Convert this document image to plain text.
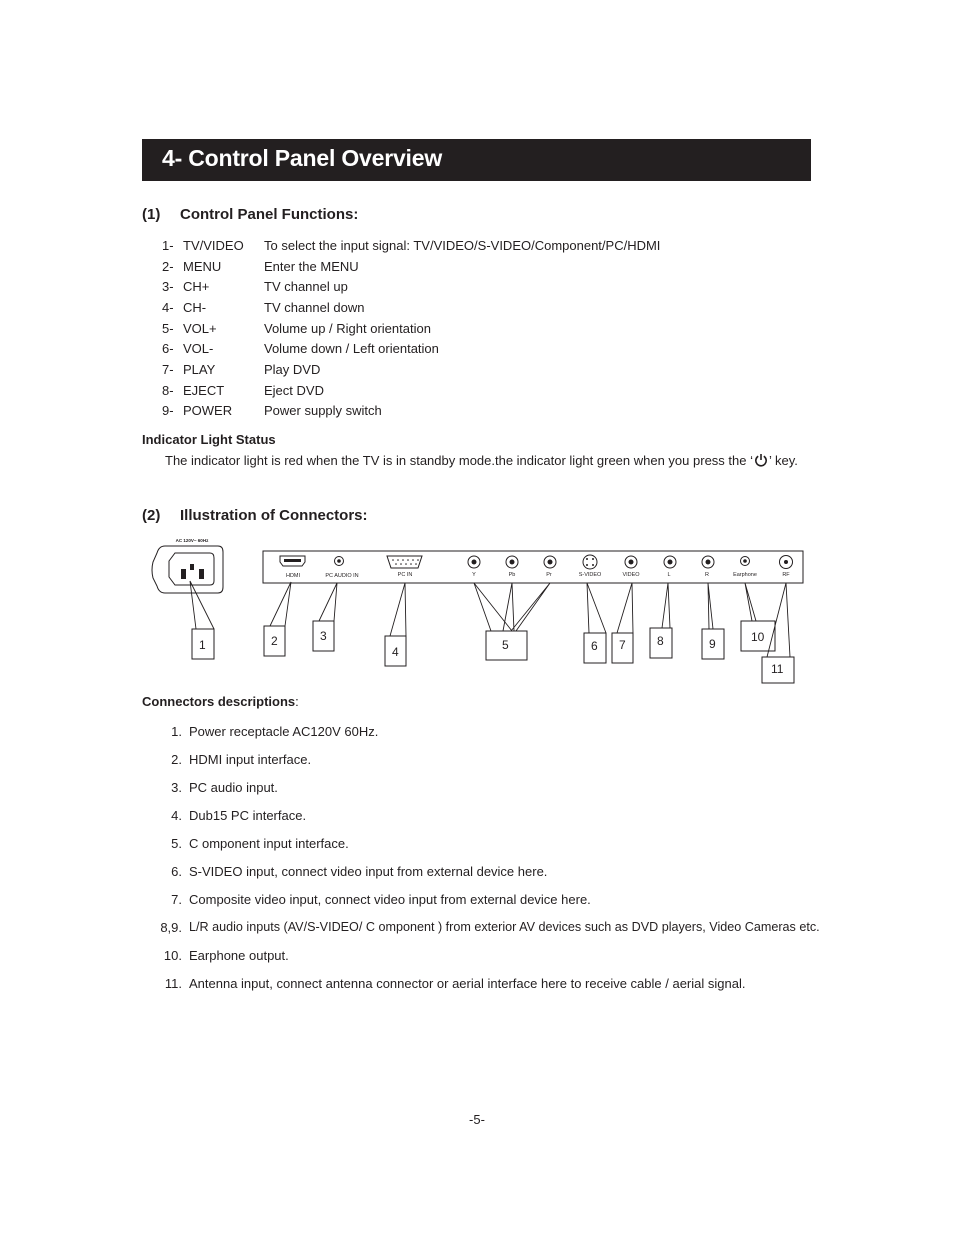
4- Control Panel Overview
(1) Control Panel Functions:
1- TV/VIDEO To select the input signal: TV/VIDEO/S-VIDEO/Component/PC/HDMI
2- MENU	Enter the MENU
3- CH+	TV channel up
4- CH-	TV channel down
5- VOL+	Volume up / Right orientation
6- VOL-	Volume down / Left orientation
7- PLAY	Play DVD
8- EJECT	Eject DVD
9- POWER Power supply switch
Indicator Light Status
The indicator light is red when the TV is in standby mode.the indicator light green when you press the ‘ ’ key.
(2) Illustration of Connectors:
AC 120V~ 60Hz
HDMI	PC AUDIO IN	PC IN	Y	Pb	Pr	S-VIDEO	VIDEO	L	R	Earphone	RF
1	2	3
4	5	6 7	8	9	10
11
Connectors descriptions:
1. Power receptacle AC120V 60Hz.
2. HDMI input interface.
3. PC audio input.
4. Dub15 PC interface.
5. C omponent input interface.
6. S-VIDEO input, connect video input from external device here.
7. Composite video input, connect video input from external device here.
8,9. L/R audio inputs (AV/S-VIDEO/ C omponent ) from exterior AV devices such as DVD players, Video Cameras etc.
10. Earphone output.
11. Antenna input, connect antenna connector or aerial interface here to receive cable / aerial signal.
-5-
